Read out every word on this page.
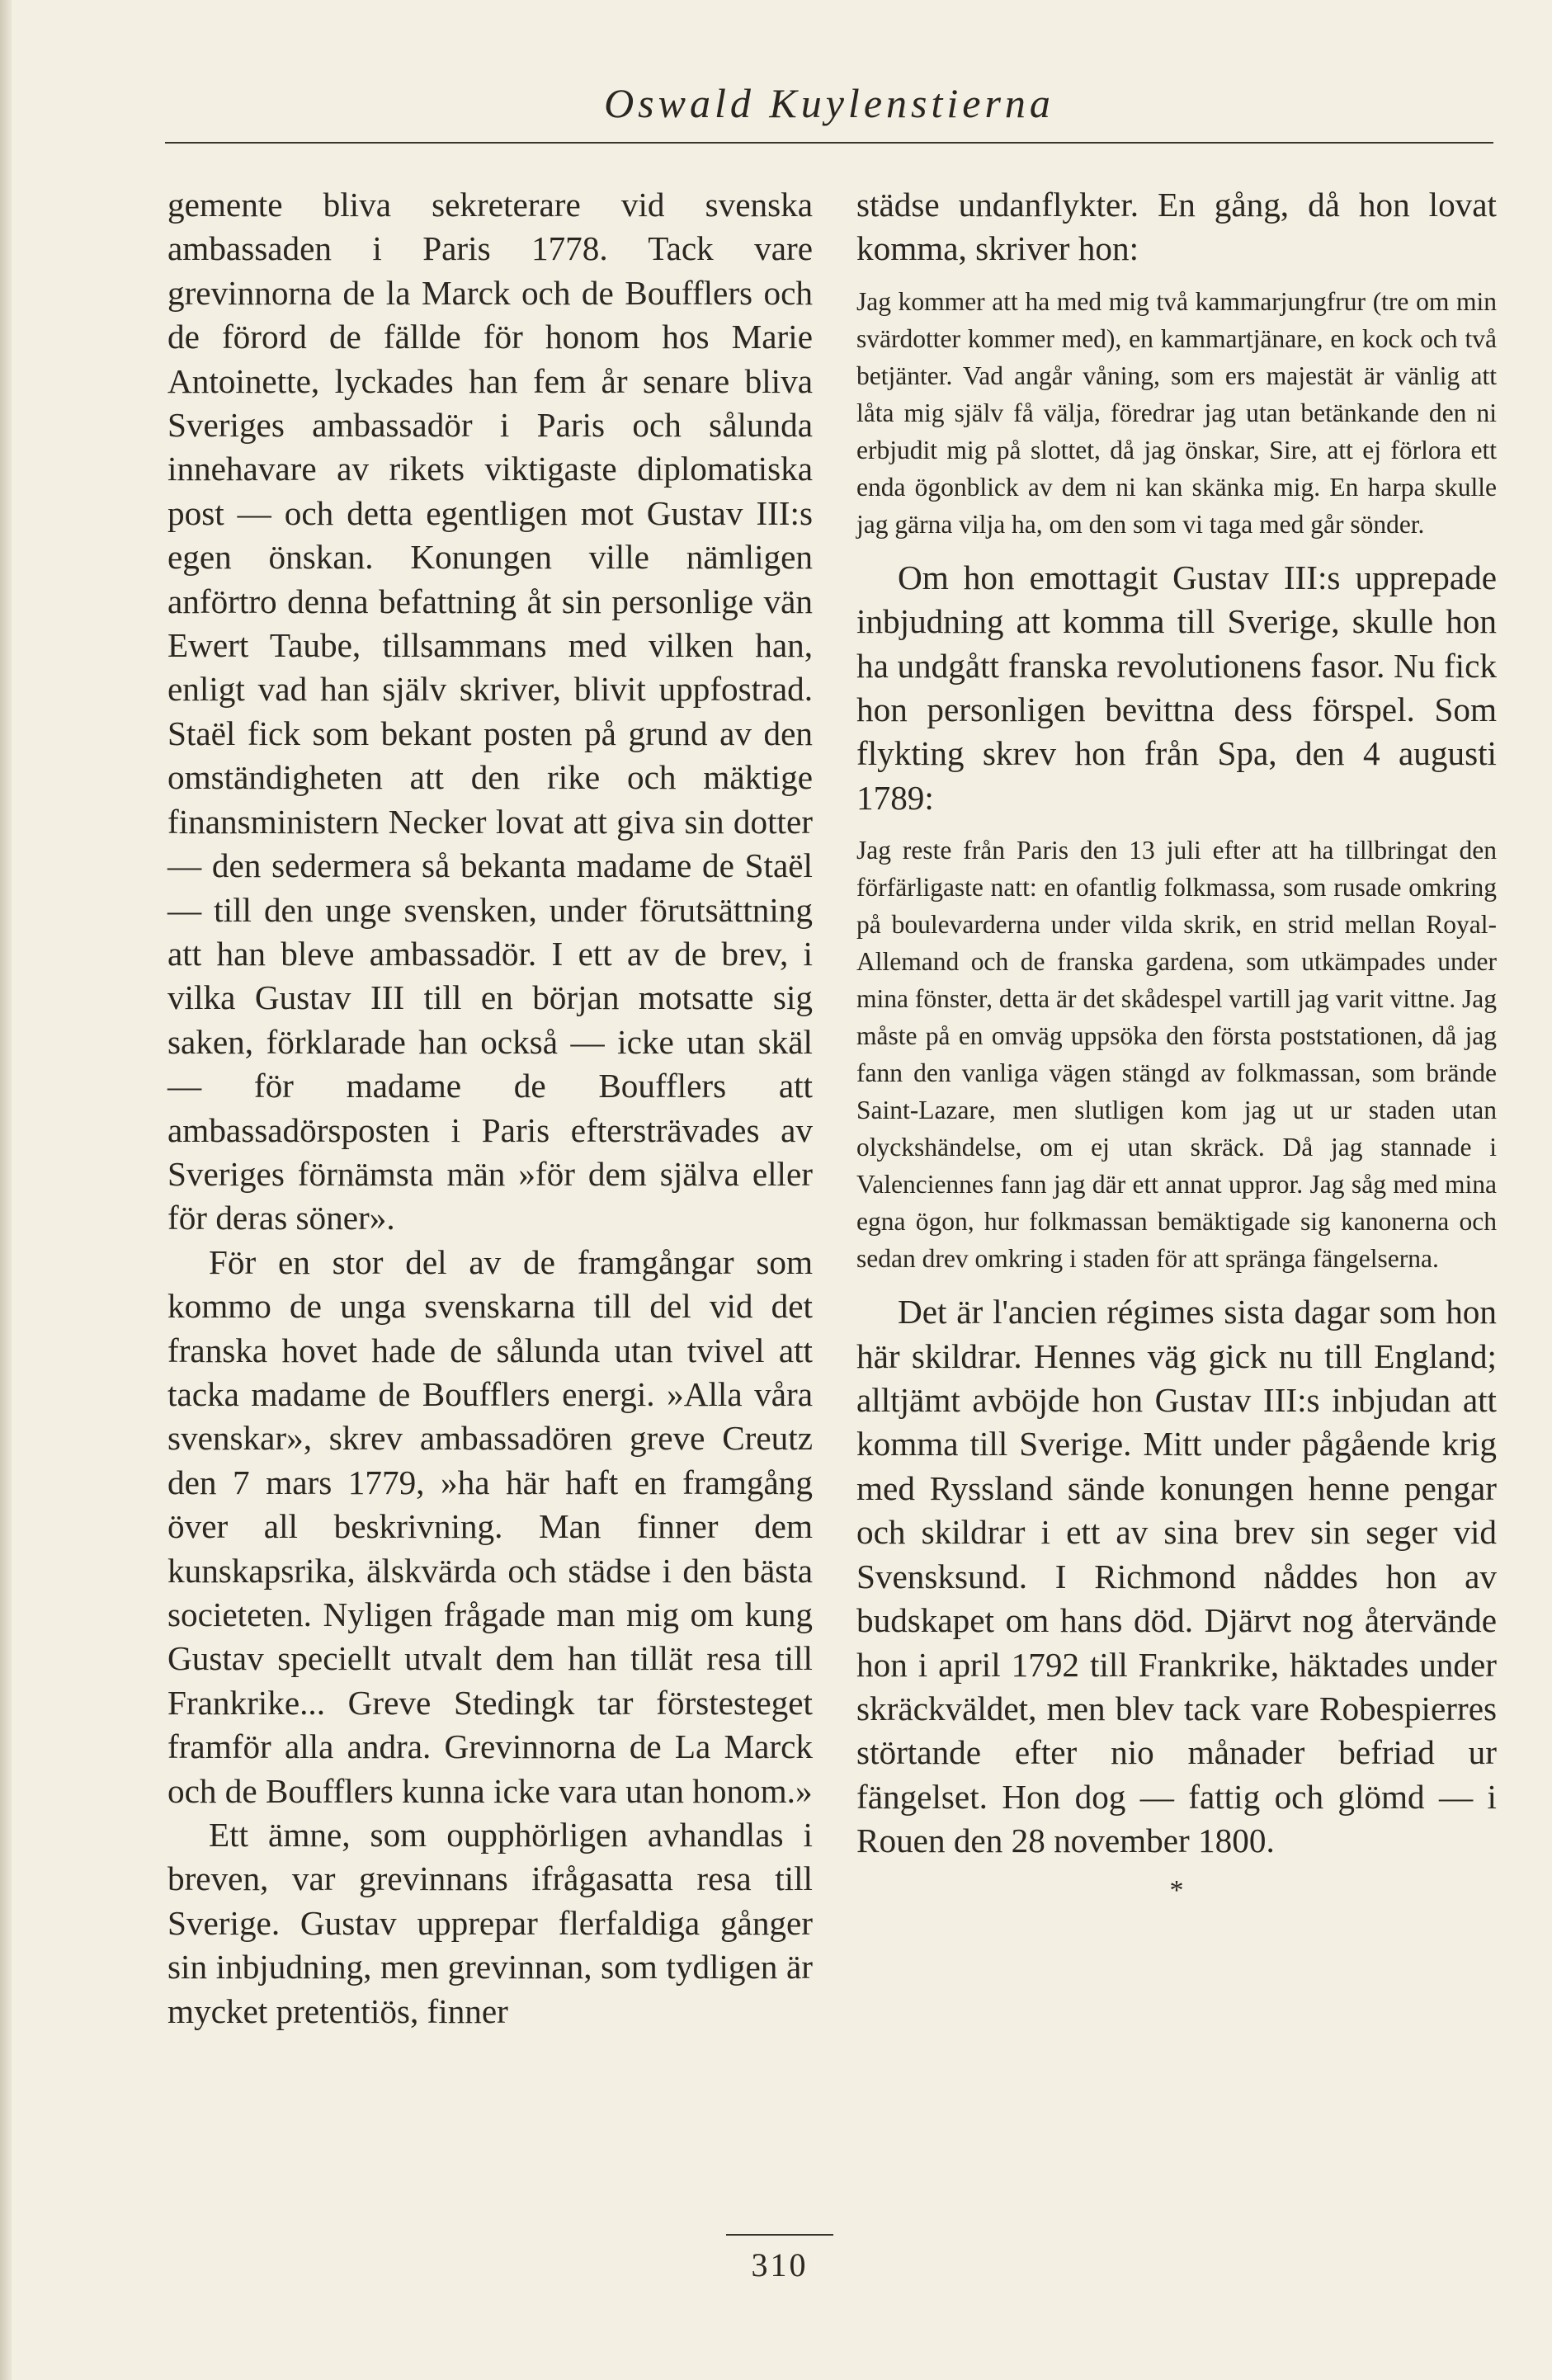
Oswald Kuylenstierna

gemente bliva sekreterare vid svenska ambassaden i Paris 1778. Tack vare grevinnorna de la Marck och de Boufflers och de förord de fällde för honom hos Marie Antoinette, lyckades han fem år senare bliva Sveriges ambassadör i Paris och sålunda innehavare av rikets viktigaste diplomatiska post — och detta egentligen mot Gustav III:s egen önskan. Konungen ville nämligen anförtro denna befattning åt sin personlige vän Ewert Taube, tillsammans med vilken han, enligt vad han själv skriver, blivit uppfostrad. Staël fick som bekant posten på grund av den omständigheten att den rike och mäktige finansministern Necker lovat att giva sin dotter — den sedermera så bekanta madame de Staël — till den unge svensken, under förutsättning att han bleve ambassadör. I ett av de brev, i vilka Gustav III till en början motsatte sig saken, förklarade han också — icke utan skäl — för madame de Boufflers att ambassadörsposten i Paris eftersträvades av Sveriges förnämsta män »för dem själva eller för deras söner».

För en stor del av de framgångar som kommo de unga svenskarna till del vid det franska hovet hade de sålunda utan tvivel att tacka madame de Boufflers energi. »Alla våra svenskar», skrev ambassadören greve Creutz den 7 mars 1779, »ha här haft en framgång över all beskrivning. Man finner dem kunskapsrika, älskvärda och städse i den bästa societeten. Nyligen frågade man mig om kung Gustav speciellt utvalt dem han tillät resa till Frankrike... Greve Stedingk tar förstesteget framför alla andra. Grevinnorna de La Marck och de Boufflers kunna icke vara utan honom.»

Ett ämne, som oupphörligen avhandlas i breven, var grevinnans ifrågasatta resa till Sverige. Gustav upprepar flerfaldiga gånger sin inbjudning, men grevinnan, som tydligen är mycket pretentiös, finner

städse undanflykter. En gång, då hon lovat komma, skriver hon:

Jag kommer att ha med mig två kammarjungfrur (tre om min svärdotter kommer med), en kammartjänare, en kock och två betjänter. Vad angår våning, som ers majestät är vänlig att låta mig själv få välja, föredrar jag utan betänkande den ni erbjudit mig på slottet, då jag önskar, Sire, att ej förlora ett enda ögonblick av dem ni kan skänka mig. En harpa skulle jag gärna vilja ha, om den som vi taga med går sönder.

Om hon emottagit Gustav III:s upprepade inbjudning att komma till Sverige, skulle hon ha undgått franska revolutionens fasor. Nu fick hon personligen bevittna dess förspel. Som flykting skrev hon från Spa, den 4 augusti 1789:

Jag reste från Paris den 13 juli efter att ha tillbringat den förfärligaste natt: en ofantlig folkmassa, som rusade omkring på boulevarderna under vilda skrik, en strid mellan Royal-Allemand och de franska gardena, som utkämpades under mina fönster, detta är det skådespel vartill jag varit vittne. Jag måste på en omväg uppsöka den första poststationen, då jag fann den vanliga vägen stängd av folkmassan, som brände Saint-Lazare, men slutligen kom jag ut ur staden utan olyckshändelse, om ej utan skräck. Då jag stannade i Valenciennes fann jag där ett annat uppror. Jag såg med mina egna ögon, hur folkmassan bemäktigade sig kanonerna och sedan drev omkring i staden för att spränga fängelserna.

Det är l'ancien régimes sista dagar som hon här skildrar. Hennes väg gick nu till England; alltjämt avböjde hon Gustav III:s inbjudan att komma till Sverige. Mitt under pågående krig med Ryssland sände konungen henne pengar och skildrar i ett av sina brev sin seger vid Svensksund. I Richmond nåddes hon av budskapet om hans död. Djärvt nog återvände hon i april 1792 till Frankrike, häktades under skräckväldet, men blev tack vare Robespierres störtande efter nio månader befriad ur fängelset. Hon dog — fattig och glömd — i Rouen den 28 november 1800.

*
310
